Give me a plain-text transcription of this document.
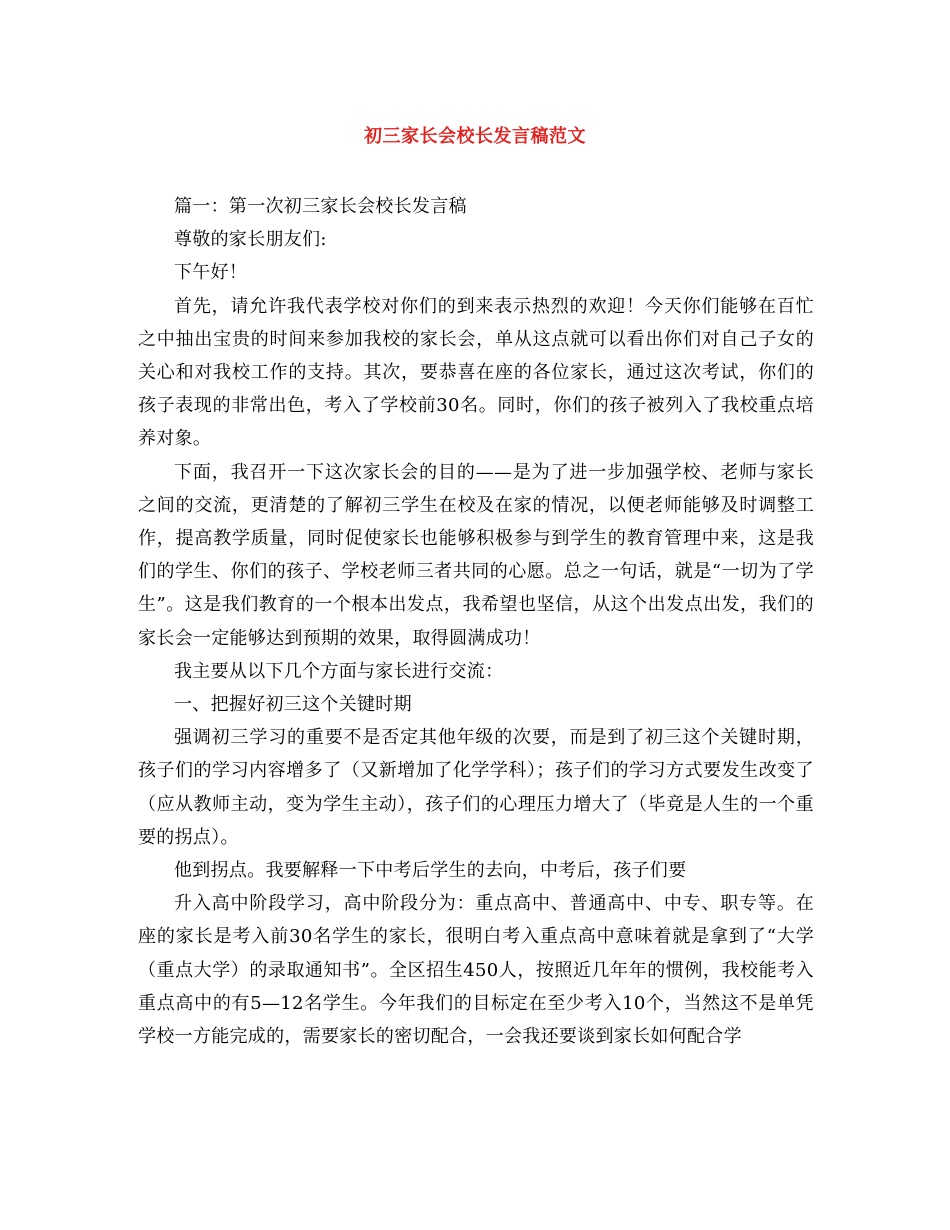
初三家长会校长发言稿范文

篇一：第一次初三家长会校长发言稿

尊敬的家长朋友们:

下午好！

首先，请允许我代表学校对你们的到来表示热烈的欢迎！今天你们能够在百忙之中抽出宝贵的时间来参加我校的家长会，单从这点就可以看出你们对自己子女的关心和对我校工作的支持。其次，要恭喜在座的各位家长，通过这次考试，你们的孩子表现的非常出色，考入了学校前30名。同时，你们的孩子被列入了我校重点培养对象。

下面，我召开一下这次家长会的目的——是为了进一步加强学校、老师与家长之间的交流，更清楚的了解初三学生在校及在家的情况，以便老师能够及时调整工作，提高教学质量，同时促使家长也能够积极参与到学生的教育管理中来，这是我们的学生、你们的孩子、学校老师三者共同的心愿。总之一句话，就是“一切为了学生”。这是我们教育的一个根本出发点，我希望也坚信，从这个出发点出发，我们的家长会一定能够达到预期的效果，取得圆满成功！

我主要从以下几个方面与家长进行交流：

一、把握好初三这个关键时期

强调初三学习的重要不是否定其他年级的次要，而是到了初三这个关键时期，孩子们的学习内容增多了（又新增加了化学学科）；孩子们的学习方式要发生改变了（应从教师主动，变为学生主动），孩子们的心理压力增大了（毕竟是人生的一个重要的拐点）。

他到拐点。我要解释一下中考后学生的去向，中考后，孩子们要

升入高中阶段学习，高中阶段分为：重点高中、普通高中、中专、职专等。在座的家长是考入前30名学生的家长，很明白考入重点高中意味着就是拿到了“大学（重点大学）的录取通知书”。全区招生450人，按照近几年年的惯例，我校能考入重点高中的有5—12名学生。今年我们的目标定在至少考入10个，当然这不是单凭学校一方能完成的，需要家长的密切配合，一会我还要谈到家长如何配合学
